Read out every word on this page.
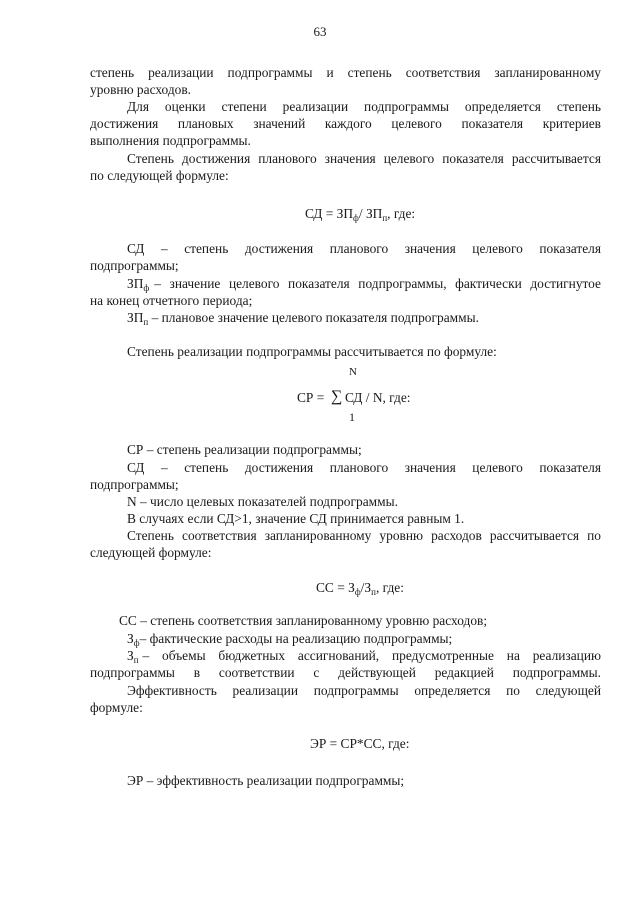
63
степень реализации подпрограммы и степень соответствия запланированному
уровню расходов.
Для оценки степени реализации подпрограммы определяется степень
достижения плановых значений каждого целевого показателя критериев
выполнения подпрограммы.
Степень достижения планового значения целевого показателя рассчитывается
по следующей формуле:
СД = $ЗП_ф/$ $ЗП_п$, где:
СД – степень достижения планового значения целевого показателя
подпрограммы;
$ЗП_ф$ – значение целевого показателя подпрограммы, фактически достигнутое
на конец отчетного периода;
$ЗП_п$ – плановое значение целевого показателя подпрограммы.
Степень реализации подпрограммы рассчитывается по формуле:
СР =
N
∑
1
СД / N, где:
СР – степень реализации подпрограммы;
СД – степень достижения планового значения целевого показателя
подпрограммы;
N – число целевых показателей подпрограммы.
В случаях если СД>1, значение СД принимается равным 1.
Степень соответствия запланированному уровню расходов рассчитывается по
следующей формуле:
СС = $З_ф/З_п$, где:
СС – степень соответствия запланированному уровню расходов;
$З_ф-$ фактические расходы на реализацию подпрограммы;
$З_п$ – объемы бюджетных ассигнований, предусмотренные на реализацию
подпрограммы в соответствии с действующей редакцией подпрограммы.
Эффективность реализации подпрограммы определяется по следующей
формуле:
ЭР = СР*СС, где:
ЭР – эффективность реализации подпрограммы;
